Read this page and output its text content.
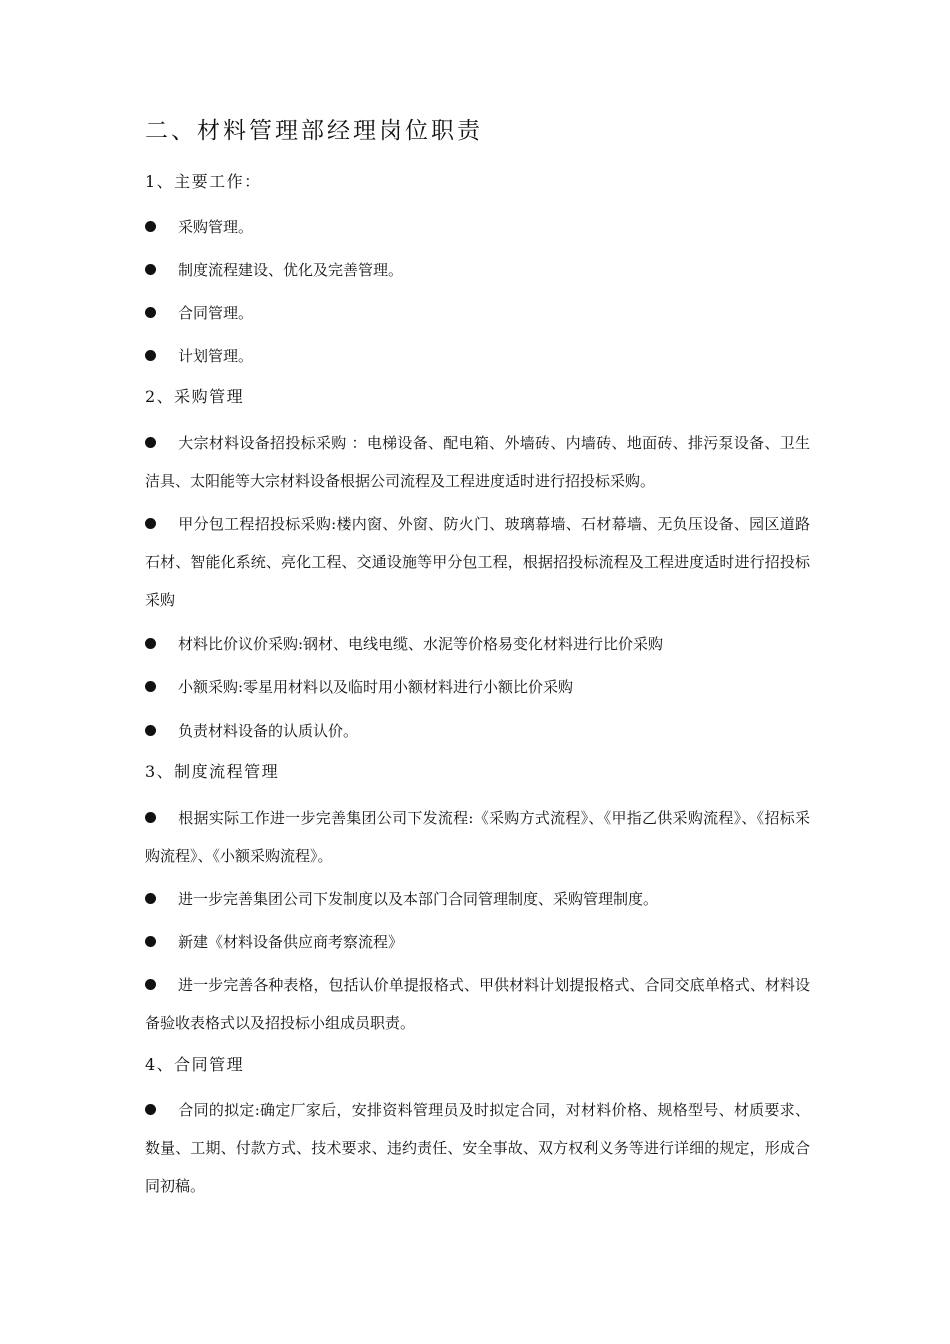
二、材料管理部经理岗位职责
1、主要工作：
采购管理。
制度流程建设、优化及完善管理。
合同管理。
计划管理。
2、采购管理
大宗材料设备招投标采购 ：电梯设备、配电箱、外墙砖、内墙砖、地面砖、排污泵设备、卫生洁具、太阳能等大宗材料设备根据公司流程及工程进度适时进行招投标采购。
甲分包工程招投标采购:楼内窗、外窗、防火门、玻璃幕墙、石材幕墙、无负压设备、园区道路石材、智能化系统、亮化工程、交通设施等甲分包工程，根据招投标流程及工程进度适时进行招投标采购
材料比价议价采购:钢材、电线电缆、水泥等价格易变化材料进行比价采购
小额采购:零星用材料以及临时用小额材料进行小额比价采购
负责材料设备的认质认价。
3、制度流程管理
根据实际工作进一步完善集团公司下发流程:《采购方式流程》、《甲指乙供采购流程》、《招标采购流程》、《小额采购流程》。
进一步完善集团公司下发制度以及本部门合同管理制度、采购管理制度。
新建《材料设备供应商考察流程》
进一步完善各种表格，包括认价单提报格式、甲供材料计划提报格式、合同交底单格式、材料设备验收表格式以及招投标小组成员职责。
4、合同管理
合同的拟定:确定厂家后，安排资料管理员及时拟定合同，对材料价格、规格型号、材质要求、数量、工期、付款方式、技术要求、违约责任、安全事故、双方权利义务等进行详细的规定，形成合同初稿。
